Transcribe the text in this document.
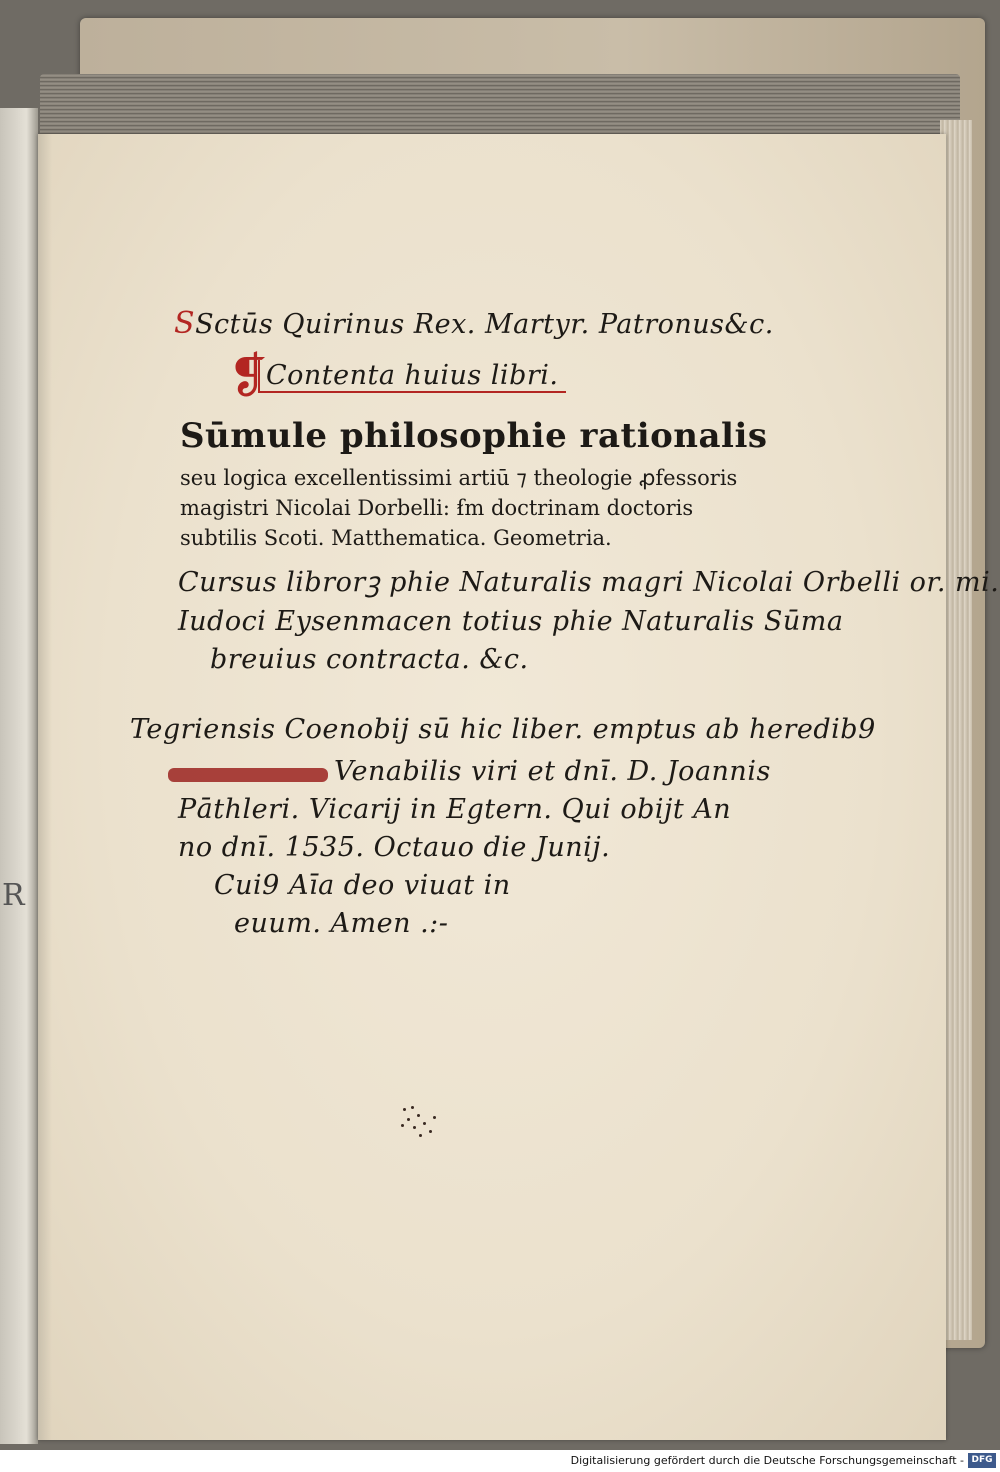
R
SSctūs Quirinus Rex. Martyr. Patronus&c.
❡
Contenta huius libri.
Sūmule philosophie rationalis
seu logica excellentissimi artiū ⁊ theologie ꝓfessoris
magistri Nicolai Dorbelli: ẜm doctrinam doctoris
subtilis Scoti. Matthematica. Geometria.
Cursus librorꝫ phie Naturalis magri Nicolai Orbelli or. mi.
Iudoci Eysenmacen totius phie Naturalis Sūma
breuius contracta. &c.
Tegriensis Coenobij sū hic liber. emptus ab heredib9
Venabilis viri et dnī. D. Joannis
Pāthleri. Vicarij in Egtern. Qui obijt An
no dnī. 1535. Octauo die Junij.
Cui9 Aīa deo viuat in
euum. Amen .:-
Digitalisierung gefördert durch die Deutsche Forschungsgemeinschaft - DFG
